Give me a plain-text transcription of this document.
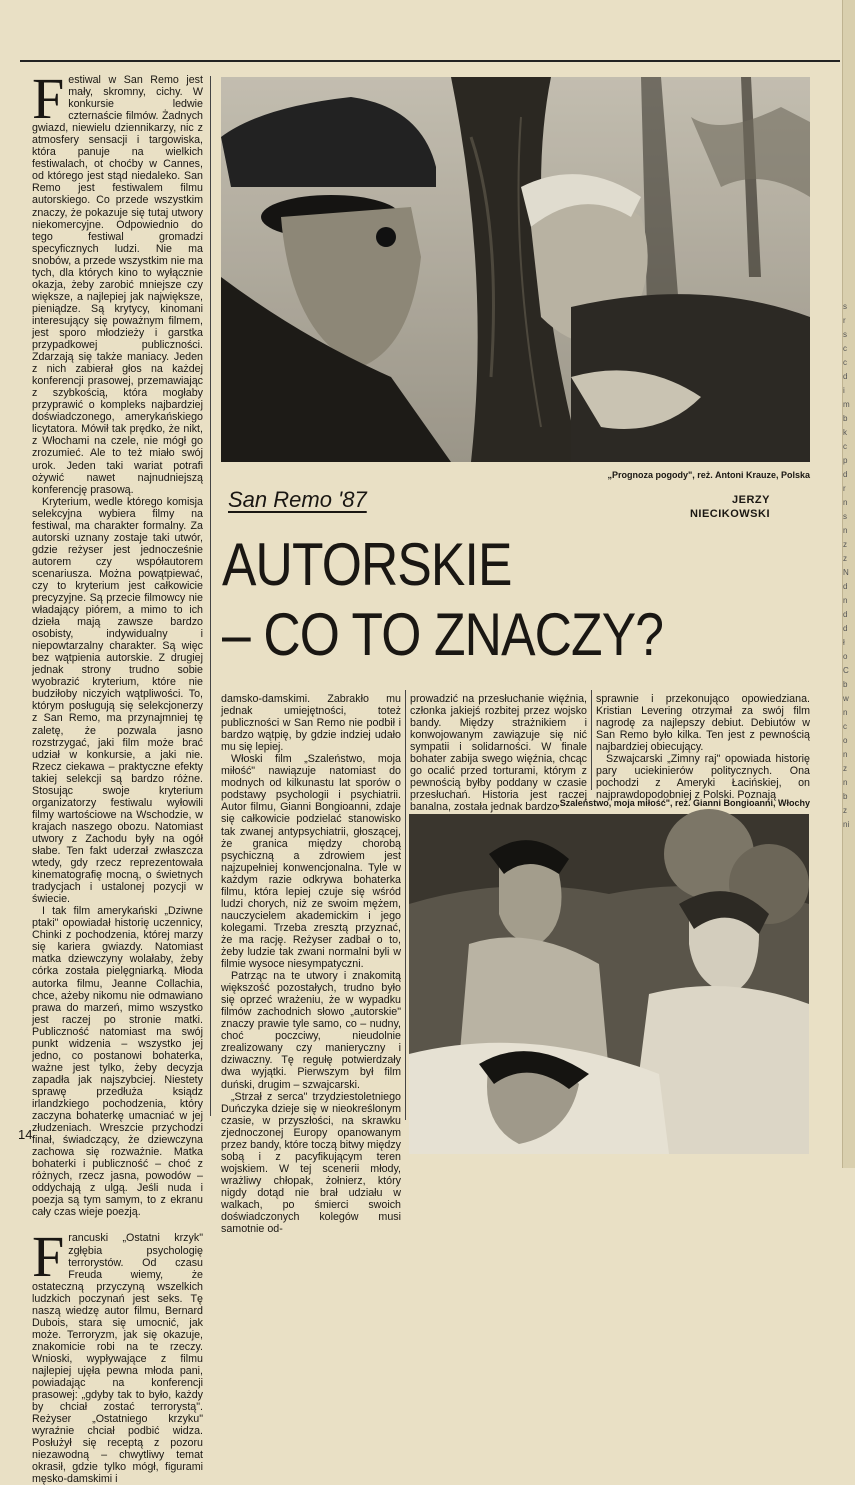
Festiwal w San Remo jest mały, skromny, cichy. W konkursie ledwie czternaście filmów. Żadnych gwiazd, niewielu dziennikarzy, nic z atmosfery sensacji i targowiska, która panuje na wielkich festiwalach, ot choćby w Cannes, od którego jest stąd niedaleko. San Remo jest festiwalem filmu autorskiego. Co przede wszystkim znaczy, że pokazuje się tutaj utwory niekomercyjne. Odpowiednio do tego festiwal gromadzi specyficznych ludzi. Nie ma snobów, a przede wszystkim nie ma tych, dla których kino to wyłącznie okazja, żeby zarobić mniejsze czy większe, a najlepiej jak największe, pieniądze. Są krytycy, kinomani interesujący się poważnym filmem, jest sporo młodzieży i garstka przypadkowej publiczności. Zdarzają się także maniacy. Jeden z nich zabierał głos na każdej konferencji prasowej, przemawiając z szybkością, która mogłaby przyprawić o kompleks najbardziej doświadczonego, amerykańskiego licytatora. Mówił tak prędko, że nikt, z Włochami na czele, nie mógł go zrozumieć. Ale to też miało swój urok. Jeden taki wariat potrafi ożywić nawet najnudniejszą konferencję prasową.

Kryterium, wedle którego komisja selekcyjna wybiera filmy na festiwal, ma charakter formalny. Za autorski uznany zostaje taki utwór, gdzie reżyser jest jednocześnie autorem czy współautorem scenariusza. Można powątpiewać, czy to kryterium jest całkowicie precyzyjne. Są przecie filmowcy nie władający piórem, a mimo to ich dzieła mają zawsze bardzo osobisty, indywidualny i niepowtarzalny charakter. Są więc bez wątpienia autorskie. Z drugiej jednak strony trudno sobie wyobrazić kryterium, które nie budziłoby niczyich wątpliwości. To, którym posługują się selekcjonerzy z San Remo, ma przynajmniej tę zaletę, że pozwala jasno rozstrzygać, jaki film może brać udział w konkursie, a jaki nie. Rzecz ciekawa – praktyczne efekty takiej selekcji są bardzo różne. Stosując swoje kryterium organizatorzy festiwalu wyłowili filmy wartościowe na Wschodzie, w krajach naszego obozu. Natomiast utwory z Zachodu były na ogół słabe. Ten fakt uderzał zwłaszcza wtedy, gdy rzecz reprezentowała kinematografię mocną, o świetnych tradycjach i ustalonej pozycji w świecie.

I tak film amerykański „Dziwne ptaki" opowiadał historię uczennicy, Chinki z pochodzenia, której marzy się kariera gwiazdy. Natomiast matka dziewczyny wolałaby, żeby córka została pielęgniarką. Młoda autorka filmu, Jeanne Collachia, chce, ażeby nikomu nie odmawiano prawa do marzeń, mimo wszystko jest raczej po stronie matki. Publiczność natomiast ma swój punkt widzenia – wszystko jej jedno, co postanowi bohaterka, ważne jest tylko, żeby decyzja zapadła jak najszybciej. Niestety sprawę przedłuża ksiądz irlandzkiego pochodzenia, który zaczyna bohaterkę umacniać w jej złudzeniach. Wreszcie przychodzi finał, świadczący, że dziewczyna zachowa się rozważnie. Matka bohaterki i publiczność – choć z różnych, rzecz jasna, powodów – oddychają z ulgą. Jeśli nuda i poezja są tym samym, to z ekranu cały czas wieje poezją.

Francuski „Ostatni krzyk" zgłębia psychologię terrorystów. Od czasu Freuda wiemy, że ostateczną przyczyną wszelkich ludzkich poczynań jest seks. Tę naszą wiedzę autor filmu, Bernard Dubois, stara się umocnić, jak może. Terroryzm, jak się okazuje, znakomicie robi na te rzeczy. Wnioski, wypływające z filmu najlepiej ujęła pewna młoda pani, powiadając na konferencji prasowej: „gdyby tak to było, każdy by chciał zostać terrorystą". Reżyser „Ostatniego krzyku" wyraźnie chciał podbić widza. Posłużył się receptą z pozoru niezawodną – chwytliwy temat okrasił, gdzie tylko mógł, figurami męsko-damskimi i

„Prognoza pogody", reż. Antoni Krauze, Polska
San Remo '87	JERZY
NIECIKOWSKI
AUTORSKIE
– CO TO ZNACZY?

damsko-damskimi. Zabrakło mu jednak umiejętności, toteż publiczności w San Remo nie podbił i bardzo wątpię, by gdzie indziej udało mu się lepiej.

Włoski film „Szaleństwo, moja miłość" nawiązuje natomiast do modnych od kilkunastu lat sporów o podstawy psychologii i psychiatrii. Autor filmu, Gianni Bongioanni, zdaje się całkowicie podzielać stanowisko tak zwanej antypsychiatrii, głoszącej, że granica między chorobą psychiczną a zdrowiem jest najzupełniej konwencjonalna. Tyle w każdym razie odkrywa bohaterka filmu, która lepiej czuje się wśród ludzi chorych, niż ze swoim mężem, nauczycielem akademickim i jego kolegami. Trzeba zresztą przyznać, że ma rację. Reżyser zadbał o to, żeby ludzie tak zwani normalni byli w filmie wysoce niesympatyczni.

Patrząc na te utwory i znakomitą większość pozostałych, trudno było się oprzeć wrażeniu, że w wypadku filmów zachodnich słowo „autorskie" znaczy prawie tyle samo, co – nudny, choć poczciwy, nieudolnie zrealizowany czy manieryczny i dziwaczny. Tę regułę potwierdzały dwa wyjątki. Pierwszym był film duński, drugim – szwajcarski.

„Strzał z serca" trzydziestoletniego Duńczyka dzieje się w nieokreślonym czasie, w przyszłości, na skrawku zjednoczonej Europy opanowanym przez bandy, które toczą bitwy między sobą i z pacyfikującym teren wojskiem. W tej scenerii młody, wrażliwy chłopak, żołnierz, który nigdy dotąd nie brał udziału w walkach, po śmierci swoich doświadczonych kolegów musi samotnie od-

prowadzić na przesłuchanie więźnia, członka jakiejś rozbitej przez wojsko bandy. Między strażnikiem i konwojowanym zawiązuje się nić sympatii i solidarności. W finale bohater zabija swego więźnia, chcąc go ocalić przed torturami, którym z pewnością byłby poddany w czasie przesłuchań. Historia jest raczej banalna, została jednak bardzo

sprawnie i przekonująco opowiedziana. Kristian Levering otrzymał za swój film nagrodę za najlepszy debiut. Debiutów w San Remo było kilka. Ten jest z pewnością najbardziej obiecujący.

Szwajcarski „Zimny raj" opowiada historię pary uciekinierów politycznych. Ona pochodzi z Ameryki Łacińskiej, on najprawdopodobniej z Polski. Poznają

„Szaleństwo, moja miłość", reż. Gianni Bongioanni, Włochy
s r s c c d i m b k c p d r n s n z z N d n d d ł o C b w n c o n z n b z ni
14
